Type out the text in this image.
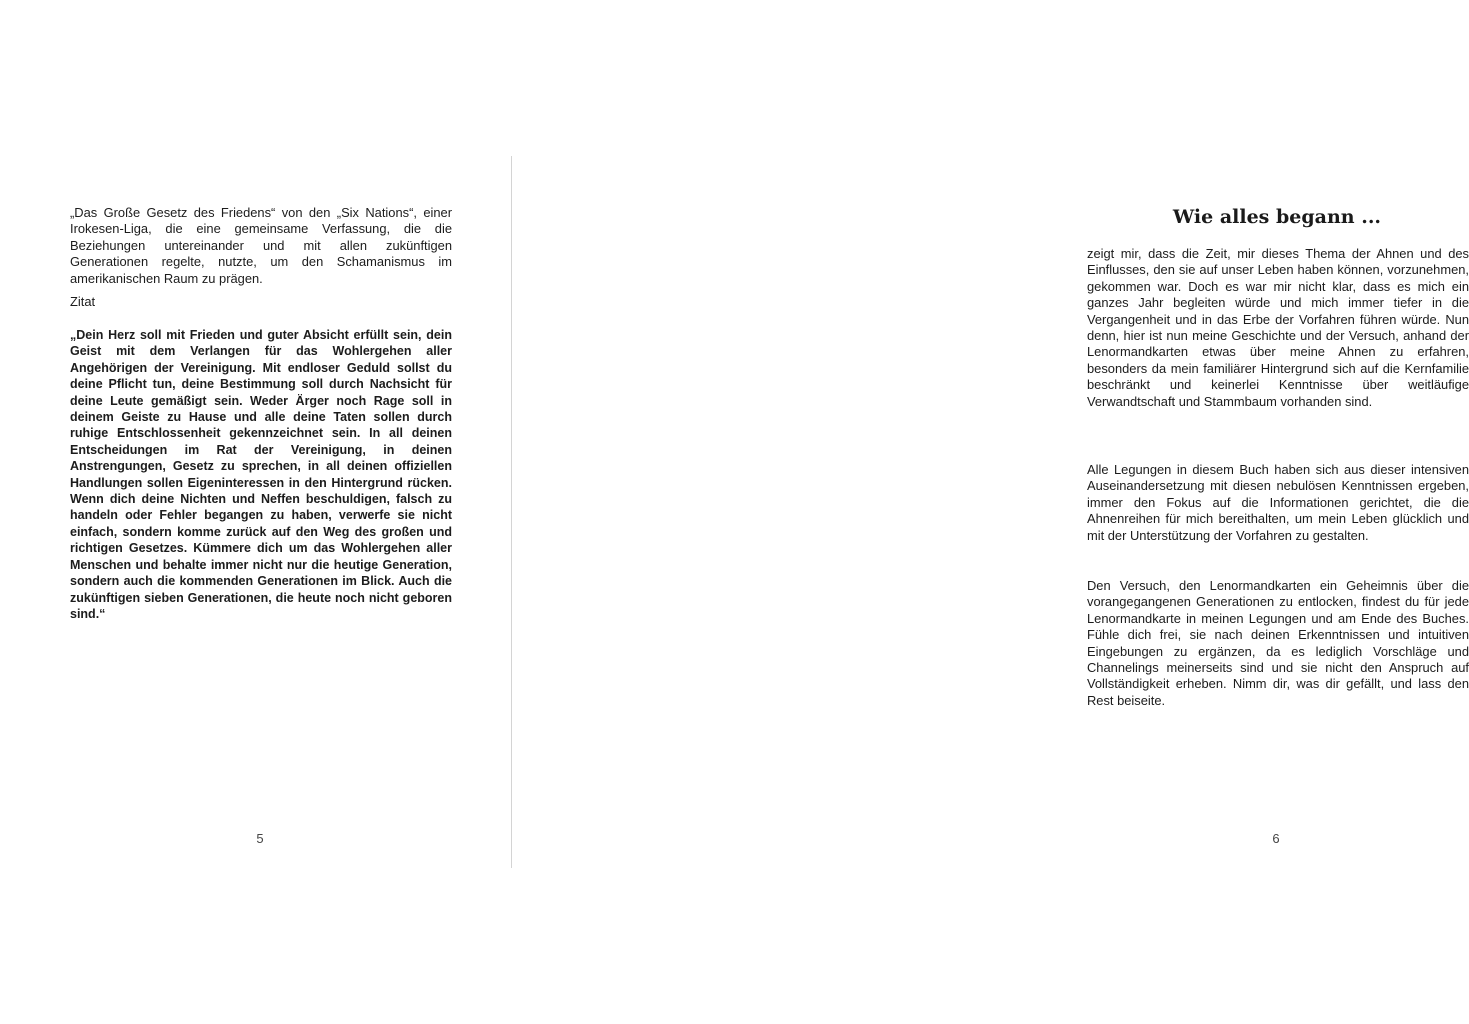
„Das Große Gesetz des Friedens“ von den „Six Nations“, einer Irokesen-Liga, die eine gemeinsame Verfassung, die die Beziehungen untereinander und mit allen zukünftigen Generationen regelte, nutzte, um den Schamanismus im amerikanischen Raum zu prägen.

Zitat

„Dein Herz soll mit Frieden und guter Absicht erfüllt sein, dein Geist mit dem Verlangen für das Wohlergehen aller Angehörigen der Vereinigung. Mit endloser Geduld sollst du deine Pflicht tun, deine Bestimmung soll durch Nachsicht für deine Leute gemäßigt sein. Weder Ärger noch Rage soll in deinem Geiste zu Hause und alle deine Taten sollen durch ruhige Entschlossenheit gekennzeichnet sein. In all deinen Entscheidungen im Rat der Vereinigung, in deinen Anstrengungen, Gesetz zu sprechen, in all deinen offiziellen Handlungen sollen Eigeninteressen in den Hintergrund rücken. Wenn dich deine Nichten und Neffen beschuldigen, falsch zu handeln oder Fehler begangen zu haben, verwerfe sie nicht einfach, sondern komme zurück auf den Weg des großen und richtigen Gesetzes. Kümmere dich um das Wohlergehen aller Menschen und behalte immer nicht nur die heutige Generation, sondern auch die kommenden Generationen im Blick. Auch die zukünftigen sieben Generationen, die heute noch nicht geboren sind.“

5
Wie alles begann ...

zeigt mir, dass die Zeit, mir dieses Thema der Ahnen und des Einflusses, den sie auf unser Leben haben können, vorzunehmen, gekommen war. Doch es war mir nicht klar, dass es mich ein ganzes Jahr begleiten würde und mich immer tiefer in die Vergangenheit und in das Erbe der Vorfahren führen würde. Nun denn, hier ist nun meine Geschichte und der Versuch, anhand der Lenormandkarten etwas über meine Ahnen zu erfahren, besonders da mein familiärer Hintergrund sich auf die Kernfamilie beschränkt und keinerlei Kenntnisse über weitläufige Verwandtschaft und Stammbaum vorhanden sind.

Alle Legungen in diesem Buch haben sich aus dieser intensiven Auseinandersetzung mit diesen nebulösen Kenntnissen ergeben, immer den Fokus auf die Informationen gerichtet, die die Ahnenreihen für mich bereithalten, um mein Leben glücklich und mit der Unterstützung der Vorfahren zu gestalten.

Den Versuch, den Lenormandkarten ein Geheimnis über die vorangegangenen Generationen zu entlocken, findest du für jede Lenormandkarte in meinen Legungen und am Ende des Buches. Fühle dich frei, sie nach deinen Erkenntnissen und intuitiven Eingebungen zu ergänzen, da es lediglich Vorschläge und Channelings meinerseits sind und sie nicht den Anspruch auf Vollständigkeit erheben. Nimm dir, was dir gefällt, und lass den Rest beiseite.

6
